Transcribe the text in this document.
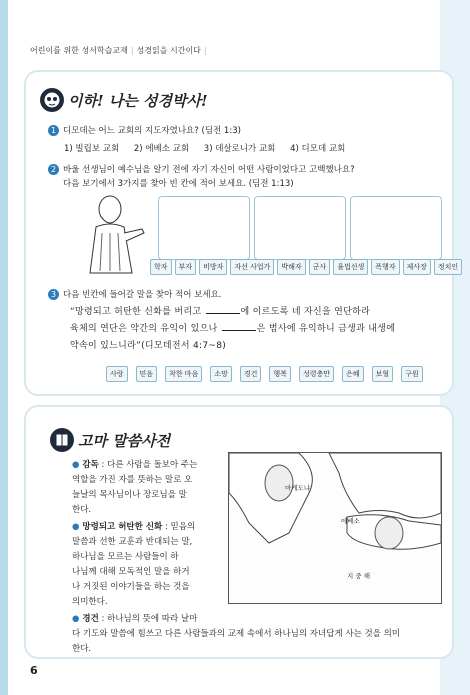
어린이를 위한 성서학습교재 | 성경읽을 시간이다 |
이하! 나는 성경박사!
1 디모데는 어느 교회의 지도자였나요? (딤전 1:3)
1) 빌립보 교회 2) 에베소 교회 3) 데살로니가 교회 4) 디모데 교회
2 바울 선생님이 예수님을 알기 전에 자기 자신이 어떤 사람이었다고 고백했나요?
다음 보기에서 3가지를 찾아 빈 칸에 적어 보세요. (딤전 1:13)
학자	부자	비방자	자선 사업가	박해자	군사	율법선생	폭행자	제사장	정치인
3 다음 빈칸에 들어갈 말을 찾아 적어 보세요.
“망령되고 허탄한 신화를 버리고	에 이르도록 네 자신을 연단하라
육체의 연단은 약간의 유익이 있으나	은 범사에 유익하니 금생과 내생에
약속이 있느니라”(디모데전서 4:7~8)
사랑	믿음	착한 마음	소망	경건	행복	성령충만	은혜	보혈	구원
고마 말씀사전
● 감독 : 다른 사람을 돌보아 주는
역할을 가진 자를 뜻하는 말로 오
늘날의 목사님이나 장로님을 말
한다.
● 망령되고 허탄한 신화 : 믿음의
말씀과 선한 교훈과 반대되는 말,
하나님을 모르는 사람들이 하
나님께 대해 모독적인 말을 하거
나 거짓된 이야기들을 하는 것을
의미한다.
● 경건 : 하나님의 뜻에 따라 날마
다 기도와 말씀에 힘쓰고 다른 사람들과의 교제 속에서 하나님의 자녀답게 사는 것을 의미
한다.
마게도냐
에베소
지 중 해
6
